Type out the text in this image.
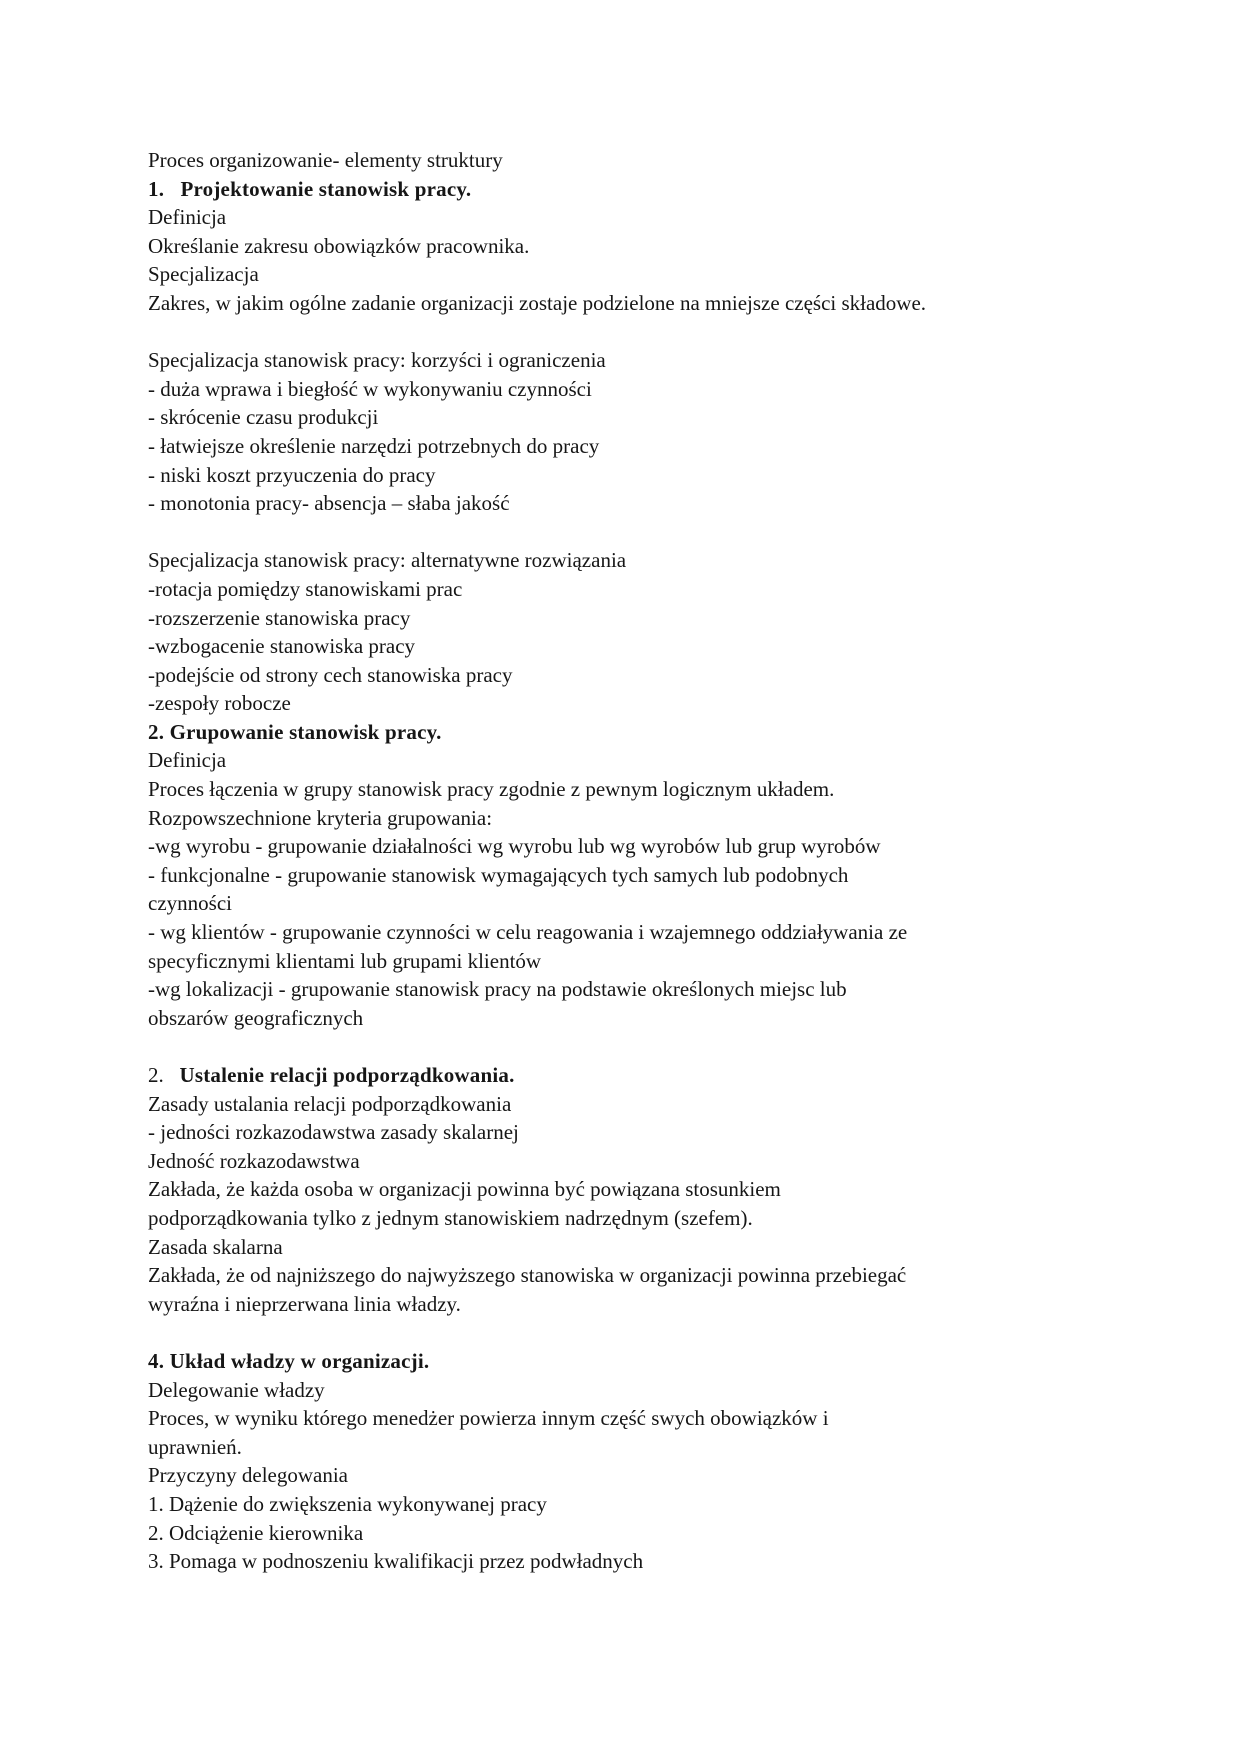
Proces organizowanie- elementy struktury
1.   Projektowanie stanowisk pracy.
Definicja
Określanie zakresu obowiązków pracownika.
Specjalizacja
Zakres, w jakim ogólne zadanie organizacji zostaje podzielone na mniejsze części składowe.

Specjalizacja stanowisk pracy: korzyści i ograniczenia
- duża wprawa i biegłość w wykonywaniu czynności
- skrócenie czasu produkcji
- łatwiejsze określenie narzędzi potrzebnych do pracy
- niski koszt przyuczenia do pracy
- monotonia pracy- absencja – słaba jakość

Specjalizacja stanowisk pracy: alternatywne rozwiązania
-rotacja pomiędzy stanowiskami prac
-rozszerzenie stanowiska pracy
-wzbogacenie stanowiska pracy
-podejście od strony cech stanowiska pracy
-zespoły robocze
2. Grupowanie stanowisk pracy.
Definicja
Proces łączenia w grupy stanowisk pracy zgodnie z pewnym logicznym układem.
Rozpowszechnione kryteria grupowania:
-wg wyrobu - grupowanie działalności wg wyrobu lub wg wyrobów lub grup wyrobów
- funkcjonalne - grupowanie stanowisk wymagających tych samych lub podobnych
czynności
- wg klientów - grupowanie czynności w celu reagowania i wzajemnego oddziaływania ze
specyficznymi klientami lub grupami klientów
-wg lokalizacji - grupowanie stanowisk pracy na podstawie określonych miejsc lub
obszarów geograficznych

2.   Ustalenie relacji podporządkowania.
Zasady ustalania relacji podporządkowania
- jedności rozkazodawstwa zasady skalarnej
Jedność rozkazodawstwa
Zakłada, że każda osoba w organizacji powinna być powiązana stosunkiem
podporządkowania tylko z jednym stanowiskiem nadrzędnym (szefem).
Zasada skalarna
Zakłada, że od najniższego do najwyższego stanowiska w organizacji powinna przebiegać
wyraźna i nieprzerwana linia władzy.

4. Układ władzy w organizacji.
Delegowanie władzy
Proces, w wyniku którego menedżer powierza innym część swych obowiązków i
uprawnień.
Przyczyny delegowania
1. Dążenie do zwiększenia wykonywanej pracy
2. Odciążenie kierownika
3. Pomaga w podnoszeniu kwalifikacji przez podwładnych
